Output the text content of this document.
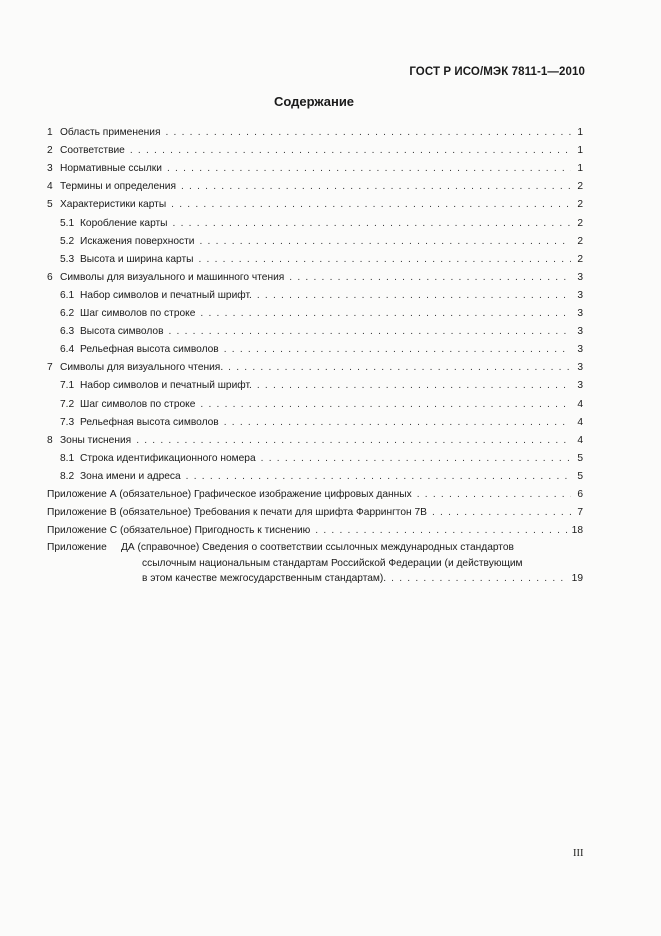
ГОСТ Р ИСО/МЭК 7811-1—2010
Содержание
1 Область применения . . .	1
2 Соответствие . . .	1
3 Нормативные ссылки . . .	1
4 Термины и определения . . .	2
5 Характеристики карты . . .	2
5.1 Коробление карты . . .	2
5.2 Искажения поверхности . . .	2
5.3 Высота и ширина карты . . .	2
6 Символы для визуального и машинного чтения . . .	3
6.1 Набор символов и печатный шрифт. . . .	3
6.2 Шаг символов по строке . . .	3
6.3 Высота символов . . .	3
6.4 Рельефная высота символов . . .	3
7 Символы для визуального чтения. . . .	3
7.1 Набор символов и печатный шрифт. . . .	3
7.2 Шаг символов по строке . . .	4
7.3 Рельефная высота символов . . .	4
8 Зоны тиснения . . .	4
8.1 Строка идентификационного номера . . .	5
8.2 Зона имени и адреса . . .	5
Приложение А (обязательное) Графическое изображение цифровых данных . . .	6
Приложение В (обязательное) Требования к печати для шрифта Фаррингтон 7В . . .	7
Приложение С (обязательное) Пригодность к тиснению . . .	18
Приложение	ДА (справочное) Сведения о соответствии ссылочных международных стандартов
ссылочным национальным стандартам Российской Федерации (и действующим
в этом качестве межгосударственным стандартам). . . .	19
III
